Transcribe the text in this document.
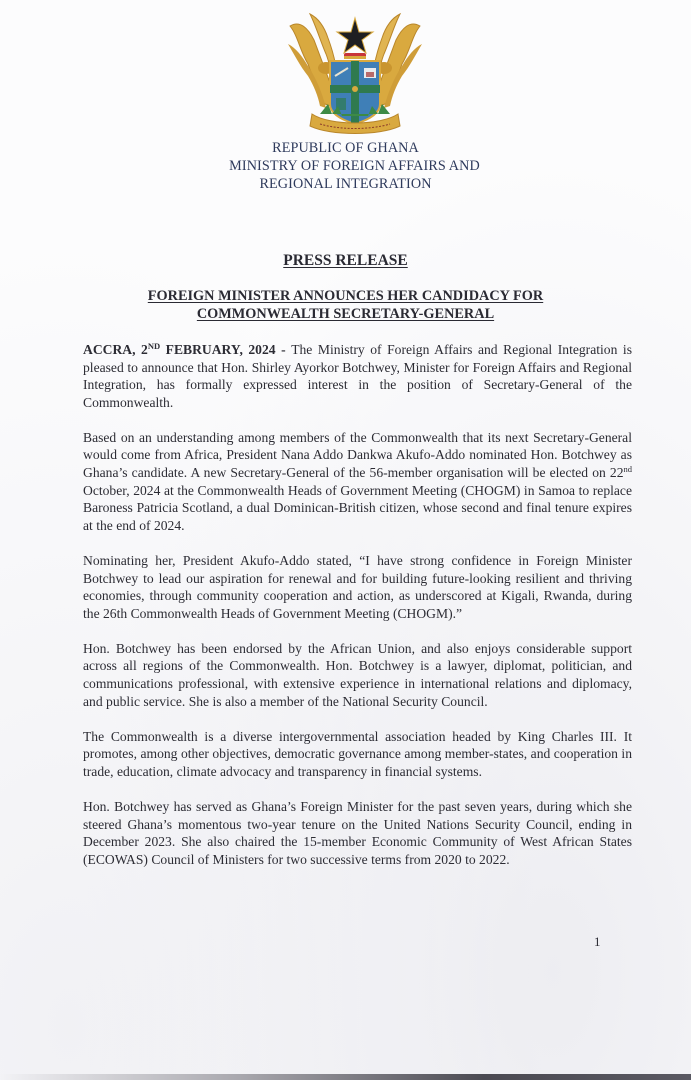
REPUBLIC OF GHANA
MINISTRY OF FOREIGN AFFAIRS AND
REGIONAL INTEGRATION
PRESS RELEASE
FOREIGN MINISTER ANNOUNCES HER CANDIDACY FOR
COMMONWEALTH SECRETARY-GENERAL

ACCRA, 2ND FEBRUARY, 2024 - The Ministry of Foreign Affairs and Regional Integration is pleased to announce that Hon. Shirley Ayorkor Botchwey, Minister for Foreign Affairs and Regional Integration, has formally expressed interest in the position of Secretary-General of the Commonwealth.

Based on an understanding among members of the Commonwealth that its next Secretary-General would come from Africa, President Nana Addo Dankwa Akufo-Addo nominated Hon. Botchwey as Ghana’s candidate. A new Secretary-General of the 56-member organisation will be elected on 22nd October, 2024 at the Commonwealth Heads of Government Meeting (CHOGM) in Samoa to replace Baroness Patricia Scotland, a dual Dominican-British citizen, whose second and final tenure expires at the end of 2024.

Nominating her, President Akufo-Addo stated, “I have strong confidence in Foreign Minister Botchwey to lead our aspiration for renewal and for building future-looking resilient and thriving economies, through community cooperation and action, as underscored at Kigali, Rwanda, during the 26th Commonwealth Heads of Government Meeting (CHOGM).”

Hon. Botchwey has been endorsed by the African Union, and also enjoys considerable support across all regions of the Commonwealth. Hon. Botchwey is a lawyer, diplomat, politician, and communications professional, with extensive experience in international relations and diplomacy, and public service. She is also a member of the National Security Council.

The Commonwealth is a diverse intergovernmental association headed by King Charles III. It promotes, among other objectives, democratic governance among member-states, and cooperation in trade, education, climate advocacy and transparency in financial systems.

Hon. Botchwey has served as Ghana’s Foreign Minister for the past seven years, during which she steered Ghana’s momentous two-year tenure on the United Nations Security Council, ending in December 2023. She also chaired the 15-member Economic Community of West African States (ECOWAS) Council of Ministers for two successive terms from 2020 to 2022.

1
